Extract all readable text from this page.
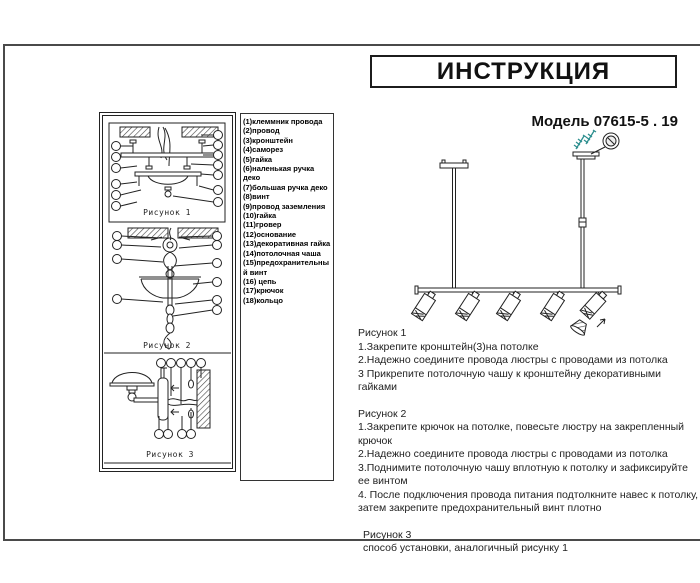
ИНСТРУКЦИЯ
Модель 07615-5 . 19
Рисунок 1
Рисунок 2
Рисунок 3
(1)клеммник провода
(2)провод
(3)кронштейн
(4)саморез
(5)гайка
(6)наленькая ручка деко
(7)большая ручка деко
(8)винт
(9)провод заземления
(10)гайка
(11)гровер
(12)основание
(13)декоративная гайка
(14)потолочная чаша
(15)предохранительный винт
(16) цепь
(17)крючок
(18)кольцо
Рисунок 1
1.Закрепите кронштейн(3)на потолке
2.Надежно соедините провода люстры с проводами из потолка
3 Прикрепите потолочную чашу к кронштейну декоративными гайками
Рисунок 2
1.Закрепите крючок на потолке, повесьте люстру на закрепленный крючок
2.Надежно соедините провода люстры с проводами из потолка
3.Поднимите потолочную чашу вплотную к потолку и зафиксируйте ее винтом
4. После подключения провода питания подтолкните навес к потолку, затем закрепите предохранительный винт плотно
Рисунок 3
способ установки, аналогичный рисунку 1
